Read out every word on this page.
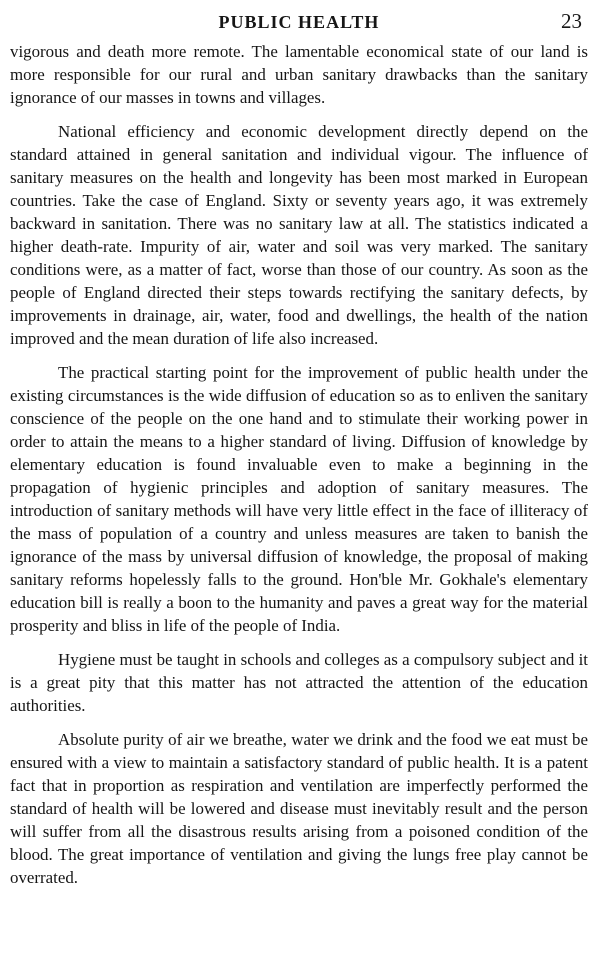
PUBLIC HEALTH	23

vigorous and death more remote. The lamentable economical state of our land is more responsible for our rural and urban sanitary drawbacks than the sanitary ignorance of our masses in towns and villages.

National efficiency and economic development directly depend on the standard attained in general sanitation and individual vigour. The influence of sanitary measures on the health and longevity has been most marked in European countries. Take the case of England. Sixty or seventy years ago, it was extremely backward in sanitation. There was no sanitary law at all. The statistics indicated a higher death-rate. Impurity of air, water and soil was very marked. The sanitary conditions were, as a matter of fact, worse than those of our country. As soon as the people of England directed their steps towards rectifying the sanitary defects, by improvements in drainage, air, water, food and dwellings, the health of the nation improved and the mean duration of life also increased.

The practical starting point for the improvement of public health under the existing circumstances is the wide diffusion of education so as to enliven the sanitary conscience of the people on the one hand and to stimulate their working power in order to attain the means to a higher standard of living. Diffusion of knowledge by elementary education is found invaluable even to make a beginning in the propagation of hygienic principles and adoption of sanitary measures. The introduction of sanitary methods will have very little effect in the face of illiteracy of the mass of population of a country and unless measures are taken to banish the ignorance of the mass by universal diffusion of knowledge, the proposal of making sanitary reforms hopelessly falls to the ground. Hon'ble Mr. Gokhale's elementary education bill is really a boon to the humanity and paves a great way for the material prosperity and bliss in life of the people of India.

Hygiene must be taught in schools and colleges as a compulsory subject and it is a great pity that this matter has not attracted the attention of the education authorities.

Absolute purity of air we breathe, water we drink and the food we eat must be ensured with a view to maintain a satisfactory standard of public health. It is a patent fact that in proportion as respiration and ventilation are imperfectly performed the standard of health will be lowered and disease must inevitably result and the person will suffer from all the disastrous results arising from a poisoned condition of the blood. The great importance of ventilation and giving the lungs free play cannot be overrated.
